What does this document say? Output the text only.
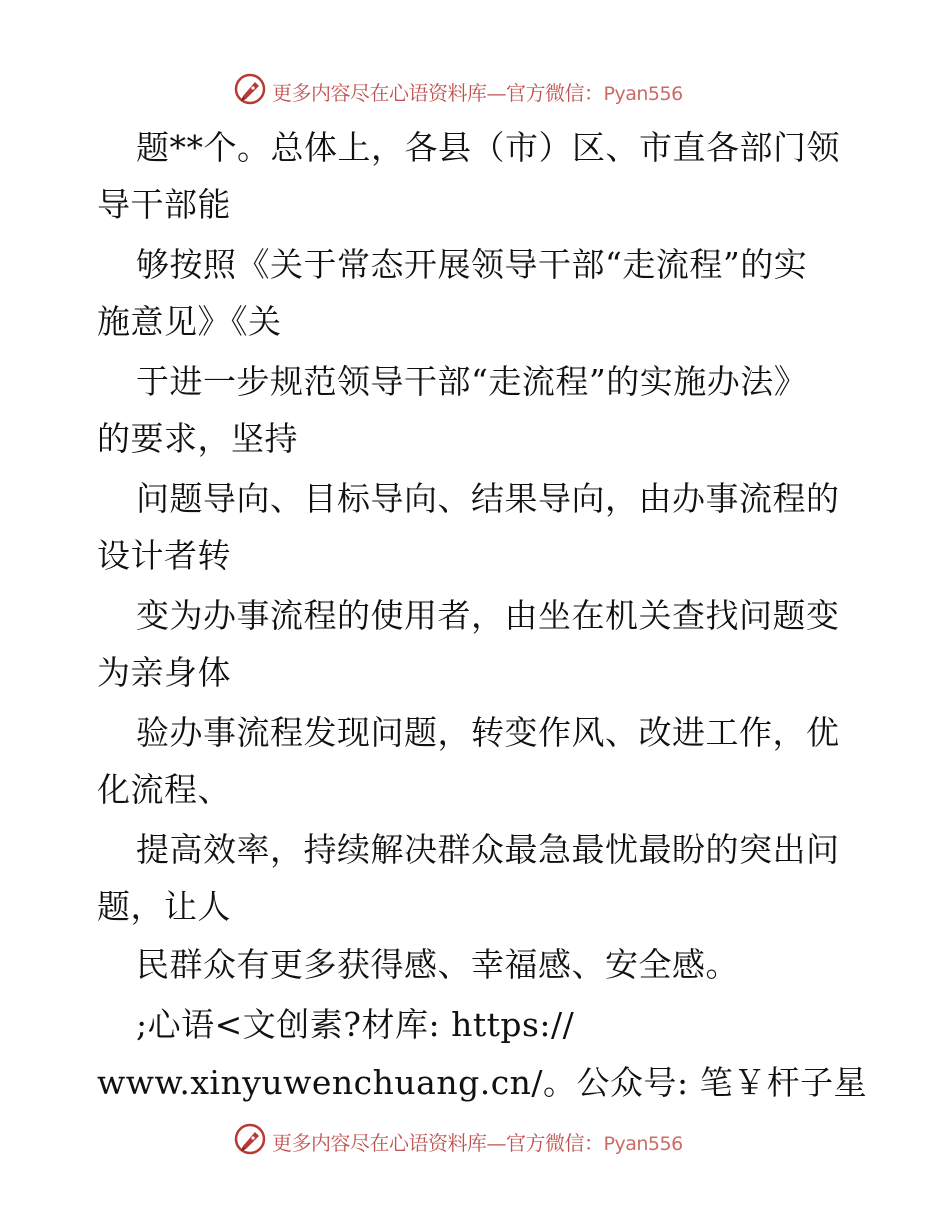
更多内容尽在心语资料库—官方微信：Pyan556
题**个。总体上，各县（市）区、市直各部门领
导干部能
够按照《关于常态开展领导干部“走流程”的实
施意见》《关
于进一步规范领导干部“走流程”的实施办法》
的要求，坚持
问题导向、目标导向、结果导向，由办事流程的
设计者转
变为办事流程的使用者，由坐在机关查找问题变
为亲身体
验办事流程发现问题，转变作风、改进工作，优
化流程、
提高效率，持续解决群众最急最忧最盼的突出问
题，让人
民群众有更多获得感、幸福感、安全感。
;心语<文创素?材库: https://
www.xinyuwenchuang.cn/。公众号: 笔￥杆子星
更多内容尽在心语资料库—官方微信：Pyan556
